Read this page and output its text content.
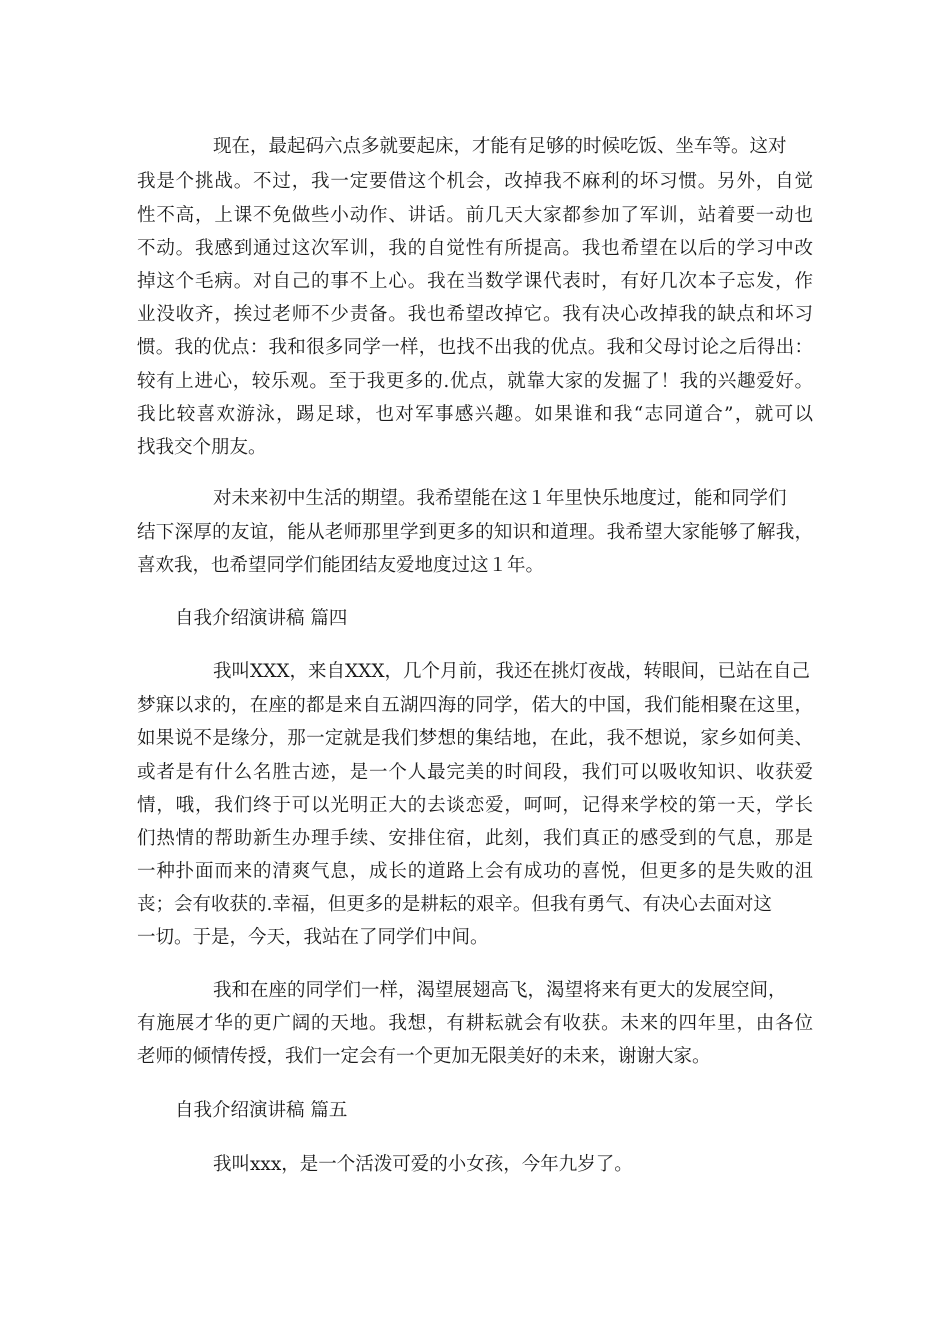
现在，最起码六点多就要起床，才能有足够的时候吃饭、坐车等。这对
我是个挑战。不过，我一定要借这个机会，改掉我不麻利的坏习惯。另外，自觉
性不高，上课不免做些小动作、讲话。前几天大家都参加了军训，站着要一动也
不动。我感到通过这次军训，我的自觉性有所提高。我也希望在以后的学习中改
掉这个毛病。对自己的事不上心。我在当数学课代表时，有好几次本子忘发，作
业没收齐，挨过老师不少责备。我也希望改掉它。我有决心改掉我的缺点和坏习
惯。我的优点：我和很多同学一样，也找不出我的优点。我和父母讨论之后得出：
较有上进心，较乐观。至于我更多的.优点，就靠大家的发掘了！我的兴趣爱好。
我比较喜欢游泳，踢足球，也对军事感兴趣。如果谁和我“志同道合”，就可以
找我交个朋友。
对未来初中生活的期望。我希望能在这１年里快乐地度过，能和同学们
结下深厚的友谊，能从老师那里学到更多的知识和道理。我希望大家能够了解我，
喜欢我，也希望同学们能团结友爱地度过这１年。
自我介绍演讲稿 篇四
我叫XXX，来自XXX，几个月前，我还在挑灯夜战，转眼间，已站在自己
梦寐以求的，在座的都是来自五湖四海的同学，偌大的中国，我们能相聚在这里，
如果说不是缘分，那一定就是我们梦想的集结地，在此，我不想说，家乡如何美、
或者是有什么名胜古迹，是一个人最完美的时间段，我们可以吸收知识、收获爱
情，哦，我们终于可以光明正大的去谈恋爱，呵呵，记得来学校的第一天，学长
们热情的帮助新生办理手续、安排住宿，此刻，我们真正的感受到的气息，那是
一种扑面而来的清爽气息，成长的道路上会有成功的喜悦，但更多的是失败的沮
丧；会有收获的.幸福，但更多的是耕耘的艰辛。但我有勇气、有决心去面对这
一切。于是，今天，我站在了同学们中间。
我和在座的同学们一样，渴望展翅高飞，渴望将来有更大的发展空间，
有施展才华的更广阔的天地。我想，有耕耘就会有收获。未来的四年里，由各位
老师的倾情传授，我们一定会有一个更加无限美好的未来，谢谢大家。
自我介绍演讲稿 篇五
我叫xxx，是一个活泼可爱的小女孩，今年九岁了。
